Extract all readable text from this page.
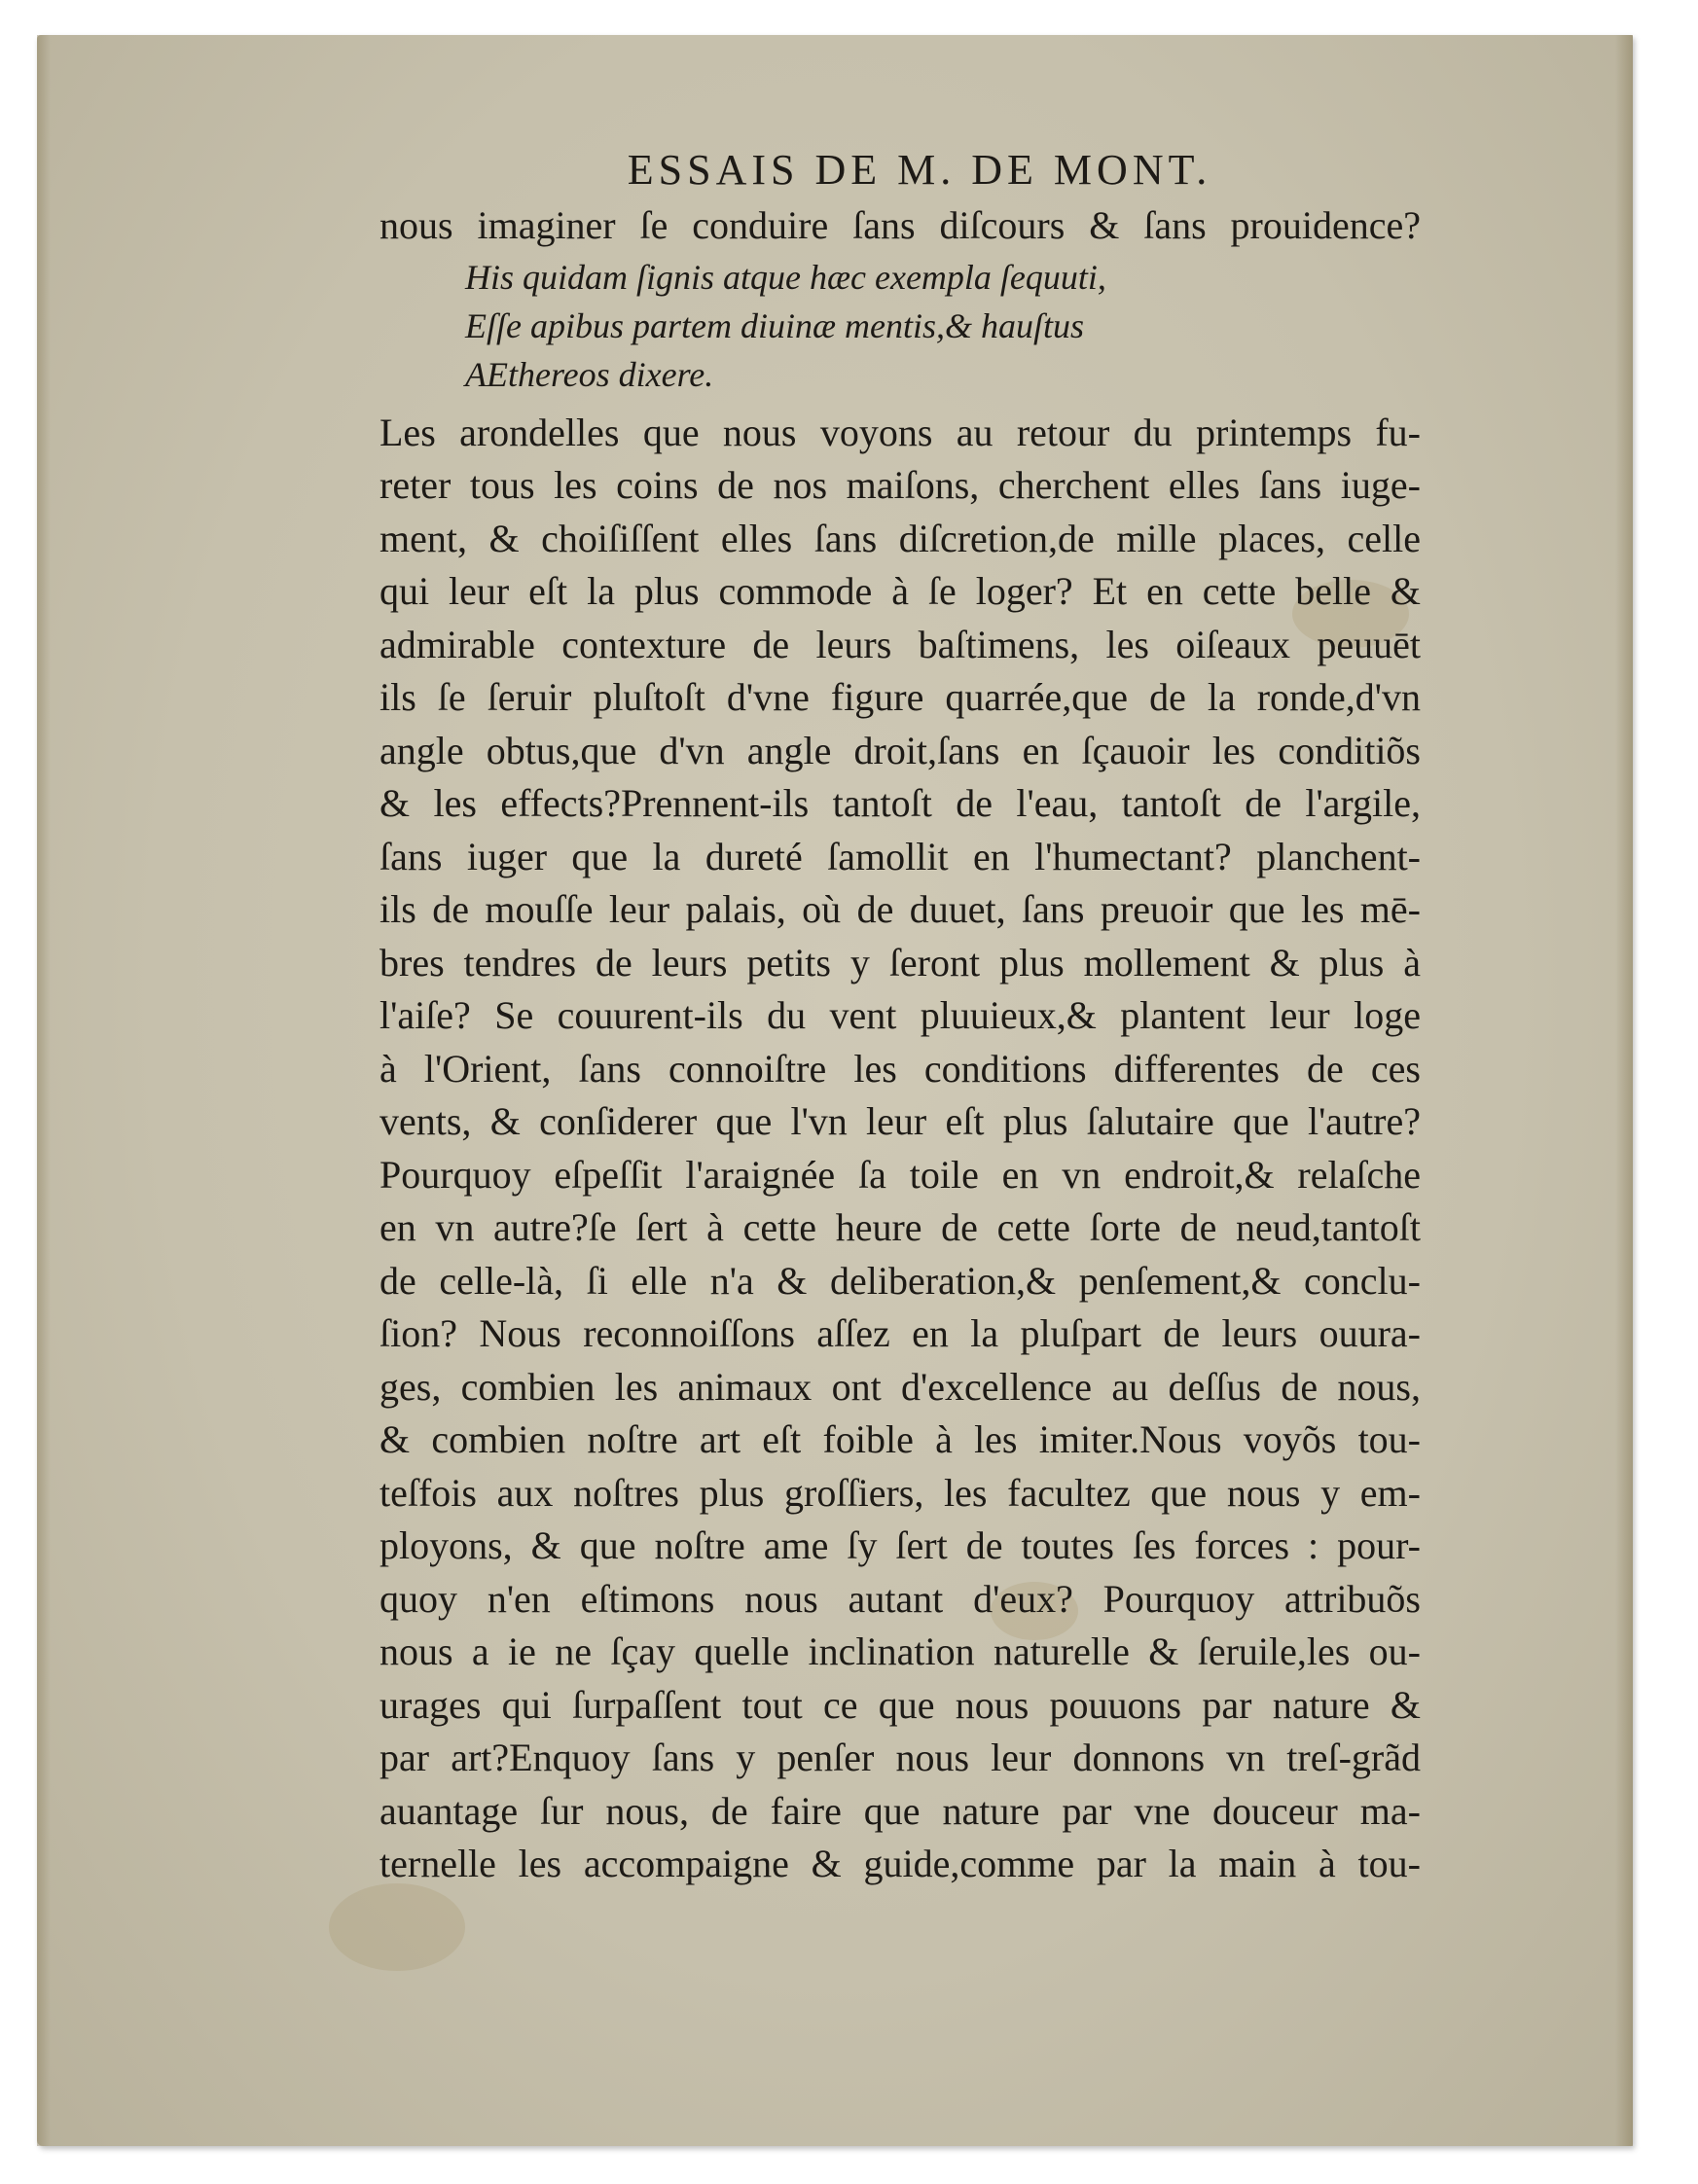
ESSAIS DE M. DE MONT.
nous imaginer ſe conduire ſans diſcours & ſans prouidence?
His quidam ſignis atque hæc exempla ſequuti,
Eſſe apibus partem diuinæ mentis,& hauſtus
AEthereos dixere.
Les arondelles que nous voyons au retour du printemps fu-
reter tous les coins de nos maiſons, cherchent elles ſans iuge-
ment, & choiſiſſent elles ſans diſcretion,de mille places, celle
qui leur eſt la plus commode à ſe loger? Et en cette belle &
admirable contexture de leurs baſtimens, les oiſeaux peuuēt
ils ſe ſeruir pluſtoſt d'vne figure quarrée,que de la ronde,d'vn
angle obtus,que d'vn angle droit,ſans en ſçauoir les conditiõs
& les effects?Prennent-ils tantoſt de l'eau, tantoſt de l'argile,
ſans iuger que la dureté ſamollit en l'humectant? planchent-
ils de mouſſe leur palais, où de duuet, ſans preuoir que les mē-
bres tendres de leurs petits y ſeront plus mollement & plus à
l'aiſe? Se couurent-ils du vent pluuieux,& plantent leur loge
à l'Orient, ſans connoiſtre les conditions differentes de ces
vents, & conſiderer que l'vn leur eſt plus ſalutaire que l'autre?
Pourquoy eſpeſſit l'araignée ſa toile en vn endroit,& relaſche
en vn autre?ſe ſert à cette heure de cette ſorte de neud,tantoſt
de celle-là, ſi elle n'a & deliberation,& penſement,& conclu-
ſion? Nous reconnoiſſons aſſez en la pluſpart de leurs ouura-
ges, combien les animaux ont d'excellence au deſſus de nous,
& combien noſtre art eſt foible à les imiter.Nous voyõs tou-
teſfois aux noſtres plus groſſiers, les facultez que nous y em-
ployons, & que noſtre ame ſy ſert de toutes ſes forces : pour-
quoy n'en eſtimons nous autant d'eux? Pourquoy attribuõs
nous a ie ne ſçay quelle inclination naturelle & ſeruile,les ou-
urages qui ſurpaſſent tout ce que nous pouuons par nature &
par art?Enquoy ſans y penſer nous leur donnons vn treſ-grãd
auantage ſur nous, de faire que nature par vne douceur ma-
ternelle les accompaigne & guide,comme par la main à tou-
